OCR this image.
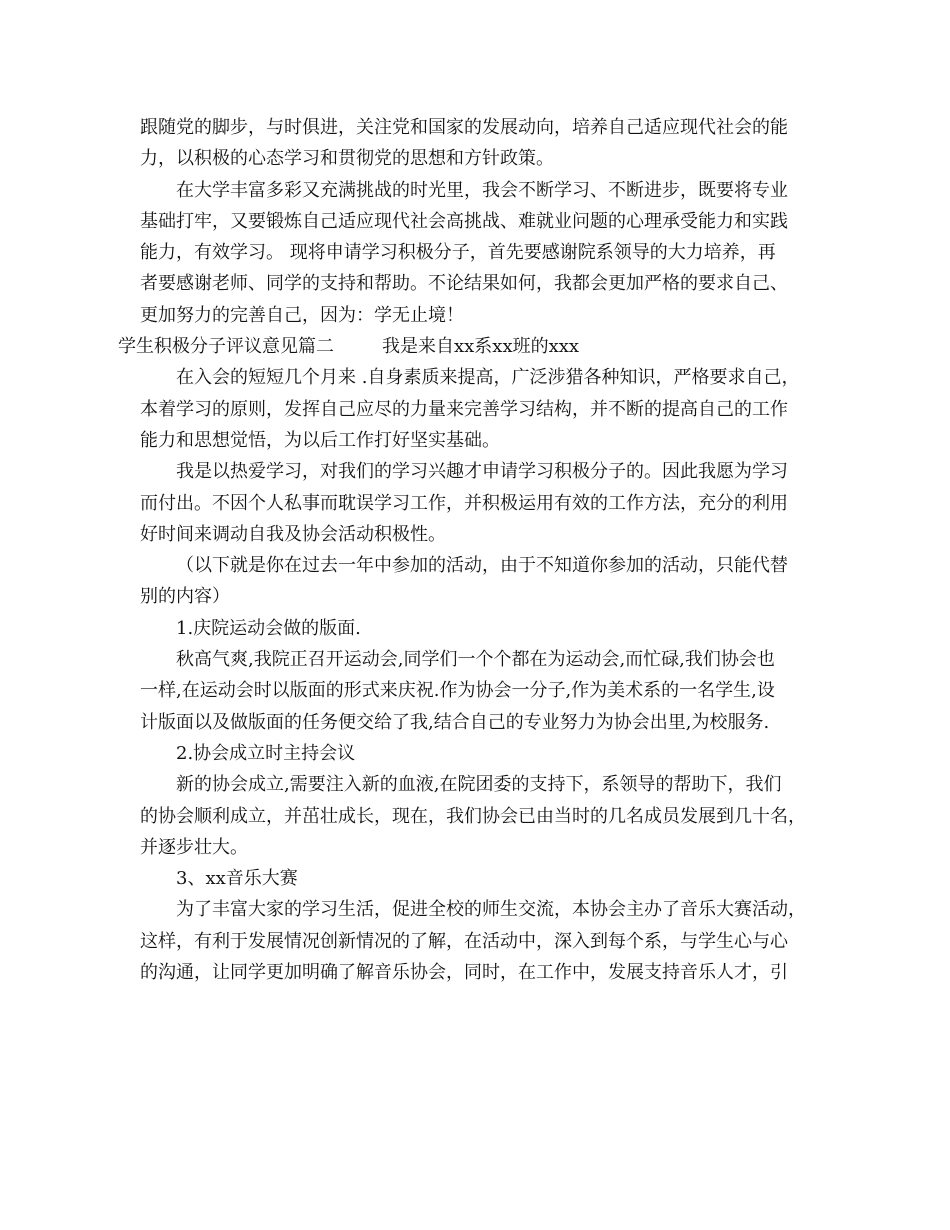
跟随党的脚步，与时俱进，关注党和国家的发展动向，培养自己适应现代社会的能
力，以积极的心态学习和贯彻党的思想和方针政策。
在大学丰富多彩又充满挑战的时光里，我会不断学习、不断进步，既要将专业
基础打牢，又要锻炼自己适应现代社会高挑战、难就业问题的心理承受能力和实践
能力，有效学习。 现将申请学习积极分子，首先要感谢院系领导的大力培养，再
者要感谢老师、同学的支持和帮助。不论结果如何，我都会更加严格的要求自己、
更加努力的完善自己，因为：学无止境！
学生积极分子评议意见篇二	我是来自xx系xx班的xxx
在入会的短短几个月来 .自身素质来提高，广泛涉猎各种知识，严格要求自己，
本着学习的原则，发挥自己应尽的力量来完善学习结构，并不断的提高自己的工作
能力和思想觉悟，为以后工作打好坚实基础。
我是以热爱学习，对我们的学习兴趣才申请学习积极分子的。因此我愿为学习
而付出。不因个人私事而耽误学习工作，并积极运用有效的工作方法，充分的利用
好时间来调动自我及协会活动积极性。
（以下就是你在过去一年中参加的活动，由于不知道你参加的活动，只能代替
别的内容）
1.庆院运动会做的版面.
秋高气爽,我院正召开运动会,同学们一个个都在为运动会,而忙碌,我们协会也
一样,在运动会时以版面的形式来庆祝.作为协会一分子,作为美术系的一名学生,设
计版面以及做版面的任务便交给了我,结合自己的专业努力为协会出里,为校服务.
2.协会成立时主持会议
新的协会成立,需要注入新的血液,在院团委的支持下，系领导的帮助下，我们
的协会顺利成立，并茁壮成长，现在，我们协会已由当时的几名成员发展到几十名，
并逐步壮大。
3、xx音乐大赛
为了丰富大家的学习生活，促进全校的师生交流，本协会主办了音乐大赛活动，
这样，有利于发展情况创新情况的了解，在活动中，深入到每个系，与学生心与心
的沟通，让同学更加明确了解音乐协会，同时，在工作中，发展支持音乐人才，引
